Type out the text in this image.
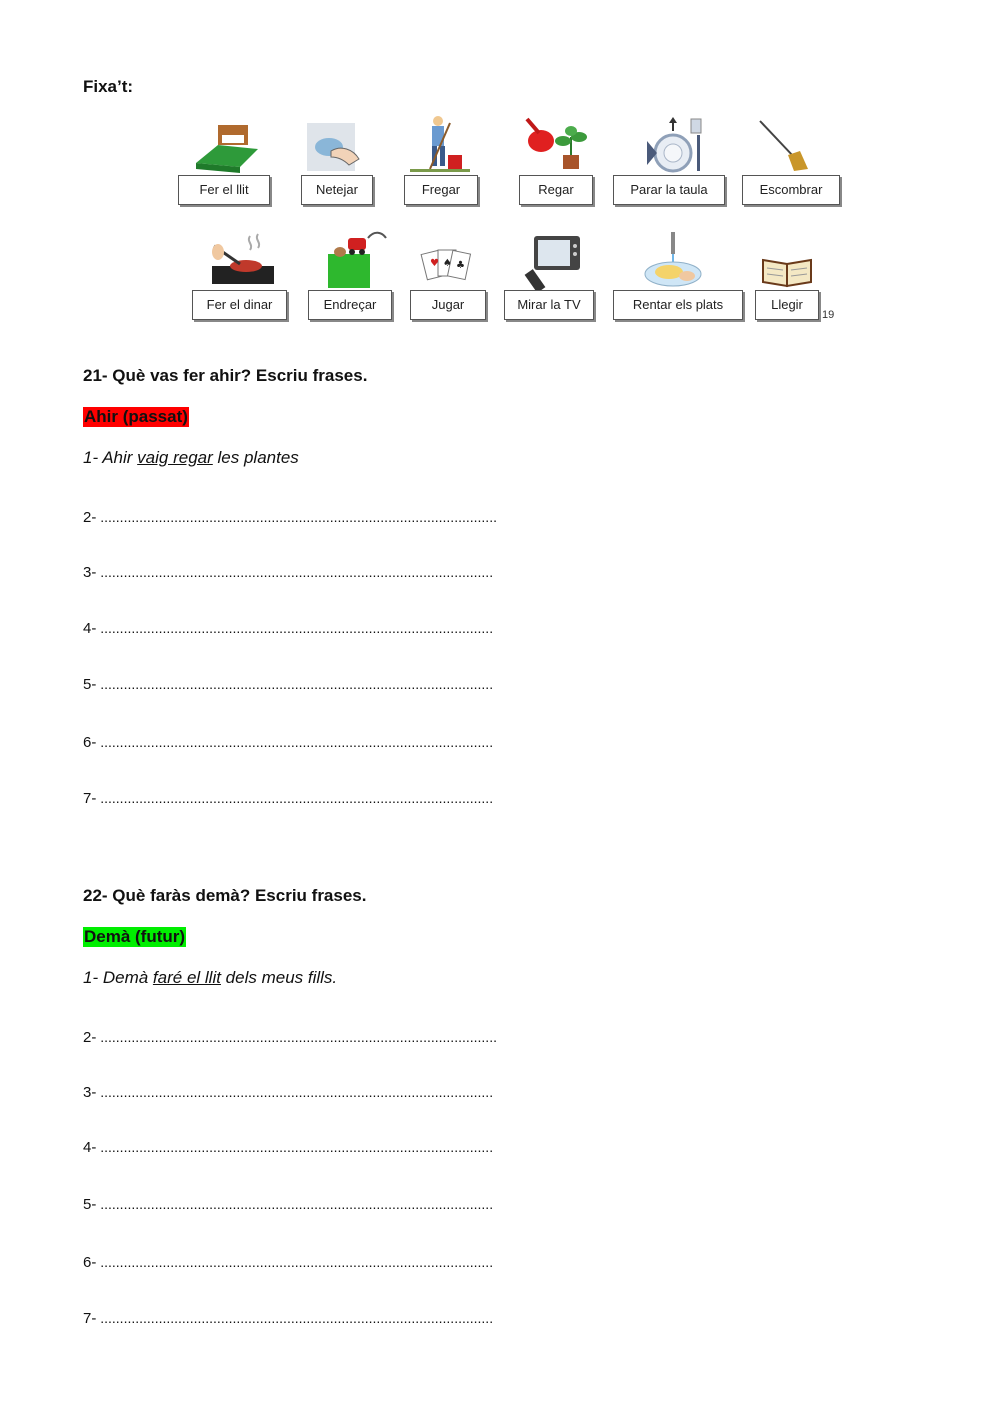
Fixa’t:
Fer el llit	Netejar	Fregar	Regar	Parar la taula	Escombrar
Fer el dinar	Endreçar
♥ ♠ ♣
Jugar	Mirar la TV	Rentar els plats	Llegir
19
21- Què vas fer ahir? Escriu frases.
Ahir (passat)
1- Ahir vaig regar les plantes
2- ......................................................................................................
3- .....................................................................................................
4- .....................................................................................................
5- .....................................................................................................
6- .....................................................................................................
7- .....................................................................................................
22- Què faràs demà? Escriu frases.
Demà (futur)
1- Demà faré el llit dels meus fills.
2- ......................................................................................................
3- .....................................................................................................
4- .....................................................................................................
5- .....................................................................................................
6- .....................................................................................................
7- .....................................................................................................
